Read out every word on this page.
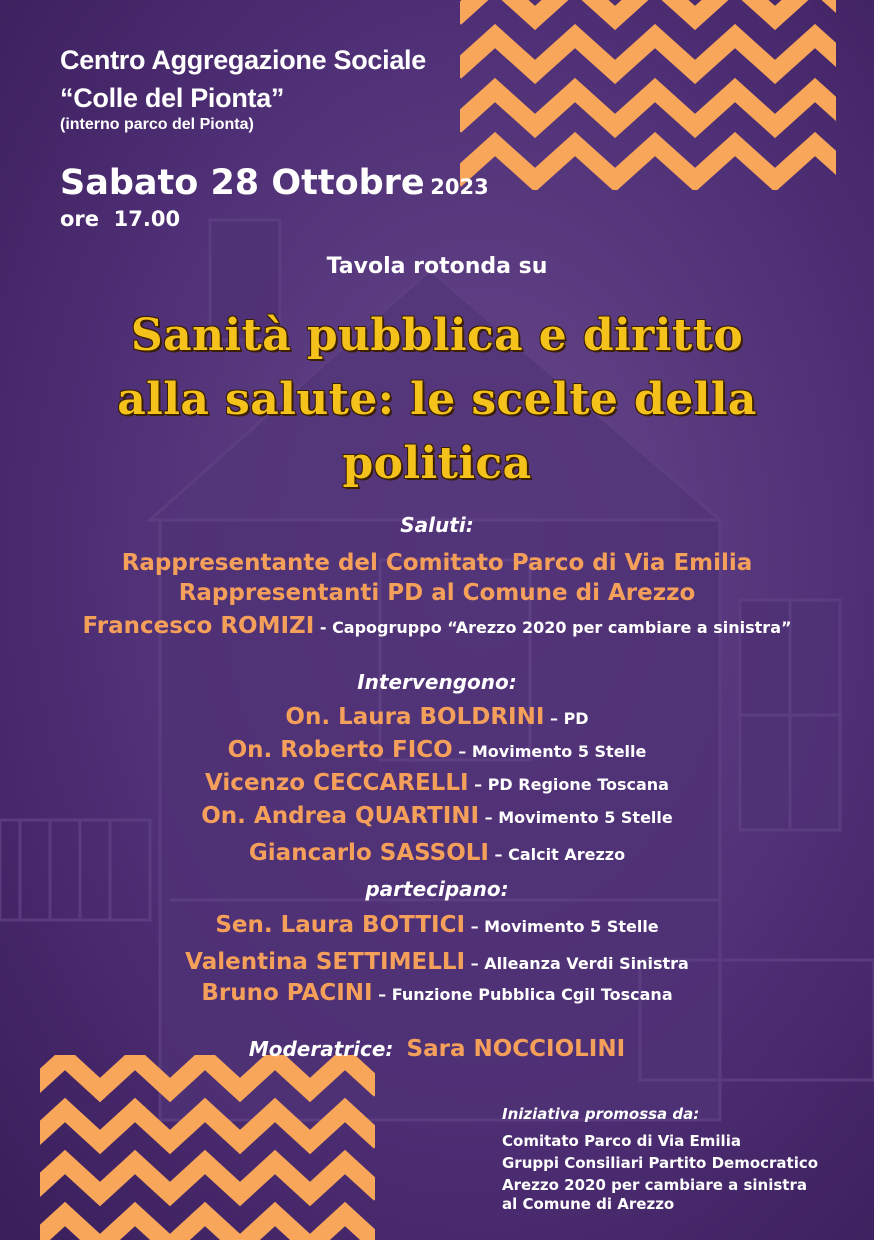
Centro Aggregazione Sociale
“Colle del Pionta”
(interno parco del Pionta)
Sabato 28 Ottobre 2023
ore  17.00
Tavola rotonda su
Sanità pubblica e diritto
alla salute: le scelte della
politica
Saluti:
Rappresentante del Comitato Parco di Via Emilia
Rappresentanti PD al Comune di Arezzo
Francesco ROMIZI - Capogruppo “Arezzo 2020 per cambiare a sinistra”
Intervengono:
On. Laura BOLDRINI – PD
On. Roberto FICO – Movimento 5 Stelle
Vicenzo CECCARELLI – PD Regione Toscana
On. Andrea QUARTINI – Movimento 5 Stelle
Giancarlo SASSOLI – Calcit Arezzo
partecipano:
Sen. Laura BOTTICI – Movimento 5 Stelle
Valentina SETTIMELLI – Alleanza Verdi Sinistra
Bruno PACINI – Funzione Pubblica Cgil Toscana
Moderatrice: Sara NOCCIOLINI
Iniziativa promossa da:
Comitato Parco di Via Emilia
Gruppi Consiliari Partito Democratico
Arezzo 2020 per cambiare a sinistra
al Comune di Arezzo
